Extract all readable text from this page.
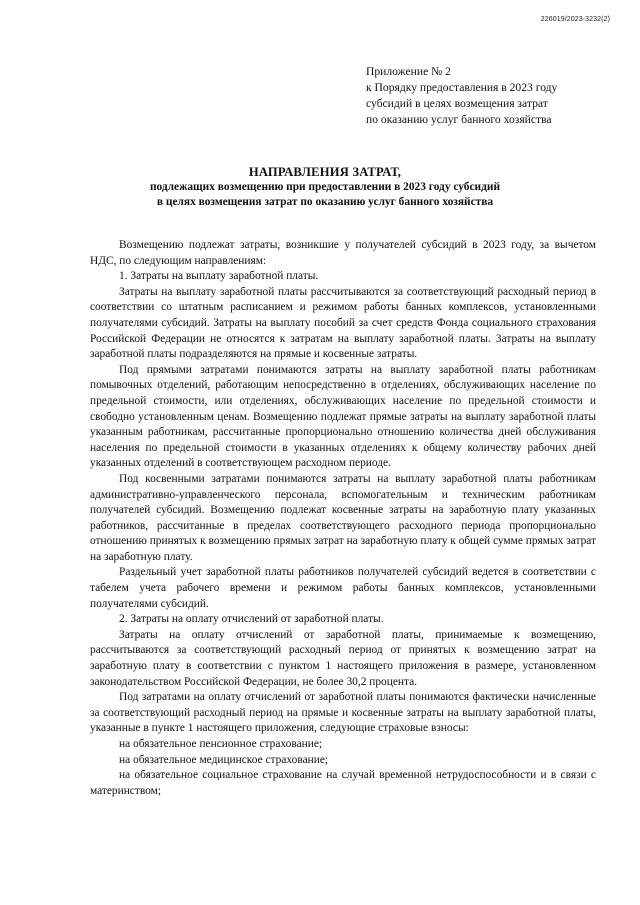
226019/2023-3232(2)
Приложение № 2
к Порядку предоставления в 2023 году
субсидий в целях возмещения затрат
по оказанию услуг банного хозяйства
НАПРАВЛЕНИЯ ЗАТРАТ,
подлежащих возмещению при предоставлении в 2023 году субсидий
в целях возмещения затрат по оказанию услуг банного хозяйства

Возмещению подлежат затраты, возникшие у получателей субсидий в 2023 году, за вычетом НДС, по следующим направлениям:

1. Затраты на выплату заработной платы.

Затраты на выплату заработной платы рассчитываются за соответствующий расходный период в соответствии со штатным расписанием и режимом работы банных комплексов, установленными получателями субсидий. Затраты на выплату пособий за счет средств Фонда социального страхования Российской Федерации не относятся к затратам на выплату заработной платы. Затраты на выплату заработной платы подразделяются на прямые и косвенные затраты.

Под прямыми затратами понимаются затраты на выплату заработной платы работникам помывочных отделений, работающим непосредственно в отделениях, обслуживающих население по предельной стоимости, или отделениях, обслуживающих население по предельной стоимости и свободно установленным ценам. Возмещению подлежат прямые затраты на выплату заработной платы указанным работникам, рассчитанные пропорционально отношению количества дней обслуживания населения по предельной стоимости в указанных отделениях к общему количеству рабочих дней указанных отделений в соответствующем расходном периоде.

Под косвенными затратами понимаются затраты на выплату заработной платы работникам административно-управленческого персонала, вспомогательным и техническим работникам получателей субсидий. Возмещению подлежат косвенные затраты на заработную плату указанных работников, рассчитанные в пределах соответствующего расходного периода пропорционально отношению принятых к возмещению прямых затрат на заработную плату к общей сумме прямых затрат на заработную плату.

Раздельный учет заработной платы работников получателей субсидий ведется в соответствии с табелем учета рабочего времени и режимом работы банных комплексов, установленными получателями субсидий.

2. Затраты на оплату отчислений от заработной платы.

Затраты на оплату отчислений от заработной платы, принимаемые к возмещению, рассчитываются за соответствующий расходный период от принятых к возмещению затрат на заработную плату в соответствии с пунктом 1 настоящего приложения в размере, установленном законодательством Российской Федерации, не более 30,2 процента.

Под затратами на оплату отчислений от заработной платы понимаются фактически начисленные за соответствующий расходный период на прямые и косвенные затраты на выплату заработной платы, указанные в пункте 1 настоящего приложения, следующие страховые взносы:

на обязательное пенсионное страхование;

на обязательное медицинское страхование;

на обязательное социальное страхование на случай временной нетрудоспособности и в связи с материнством;
